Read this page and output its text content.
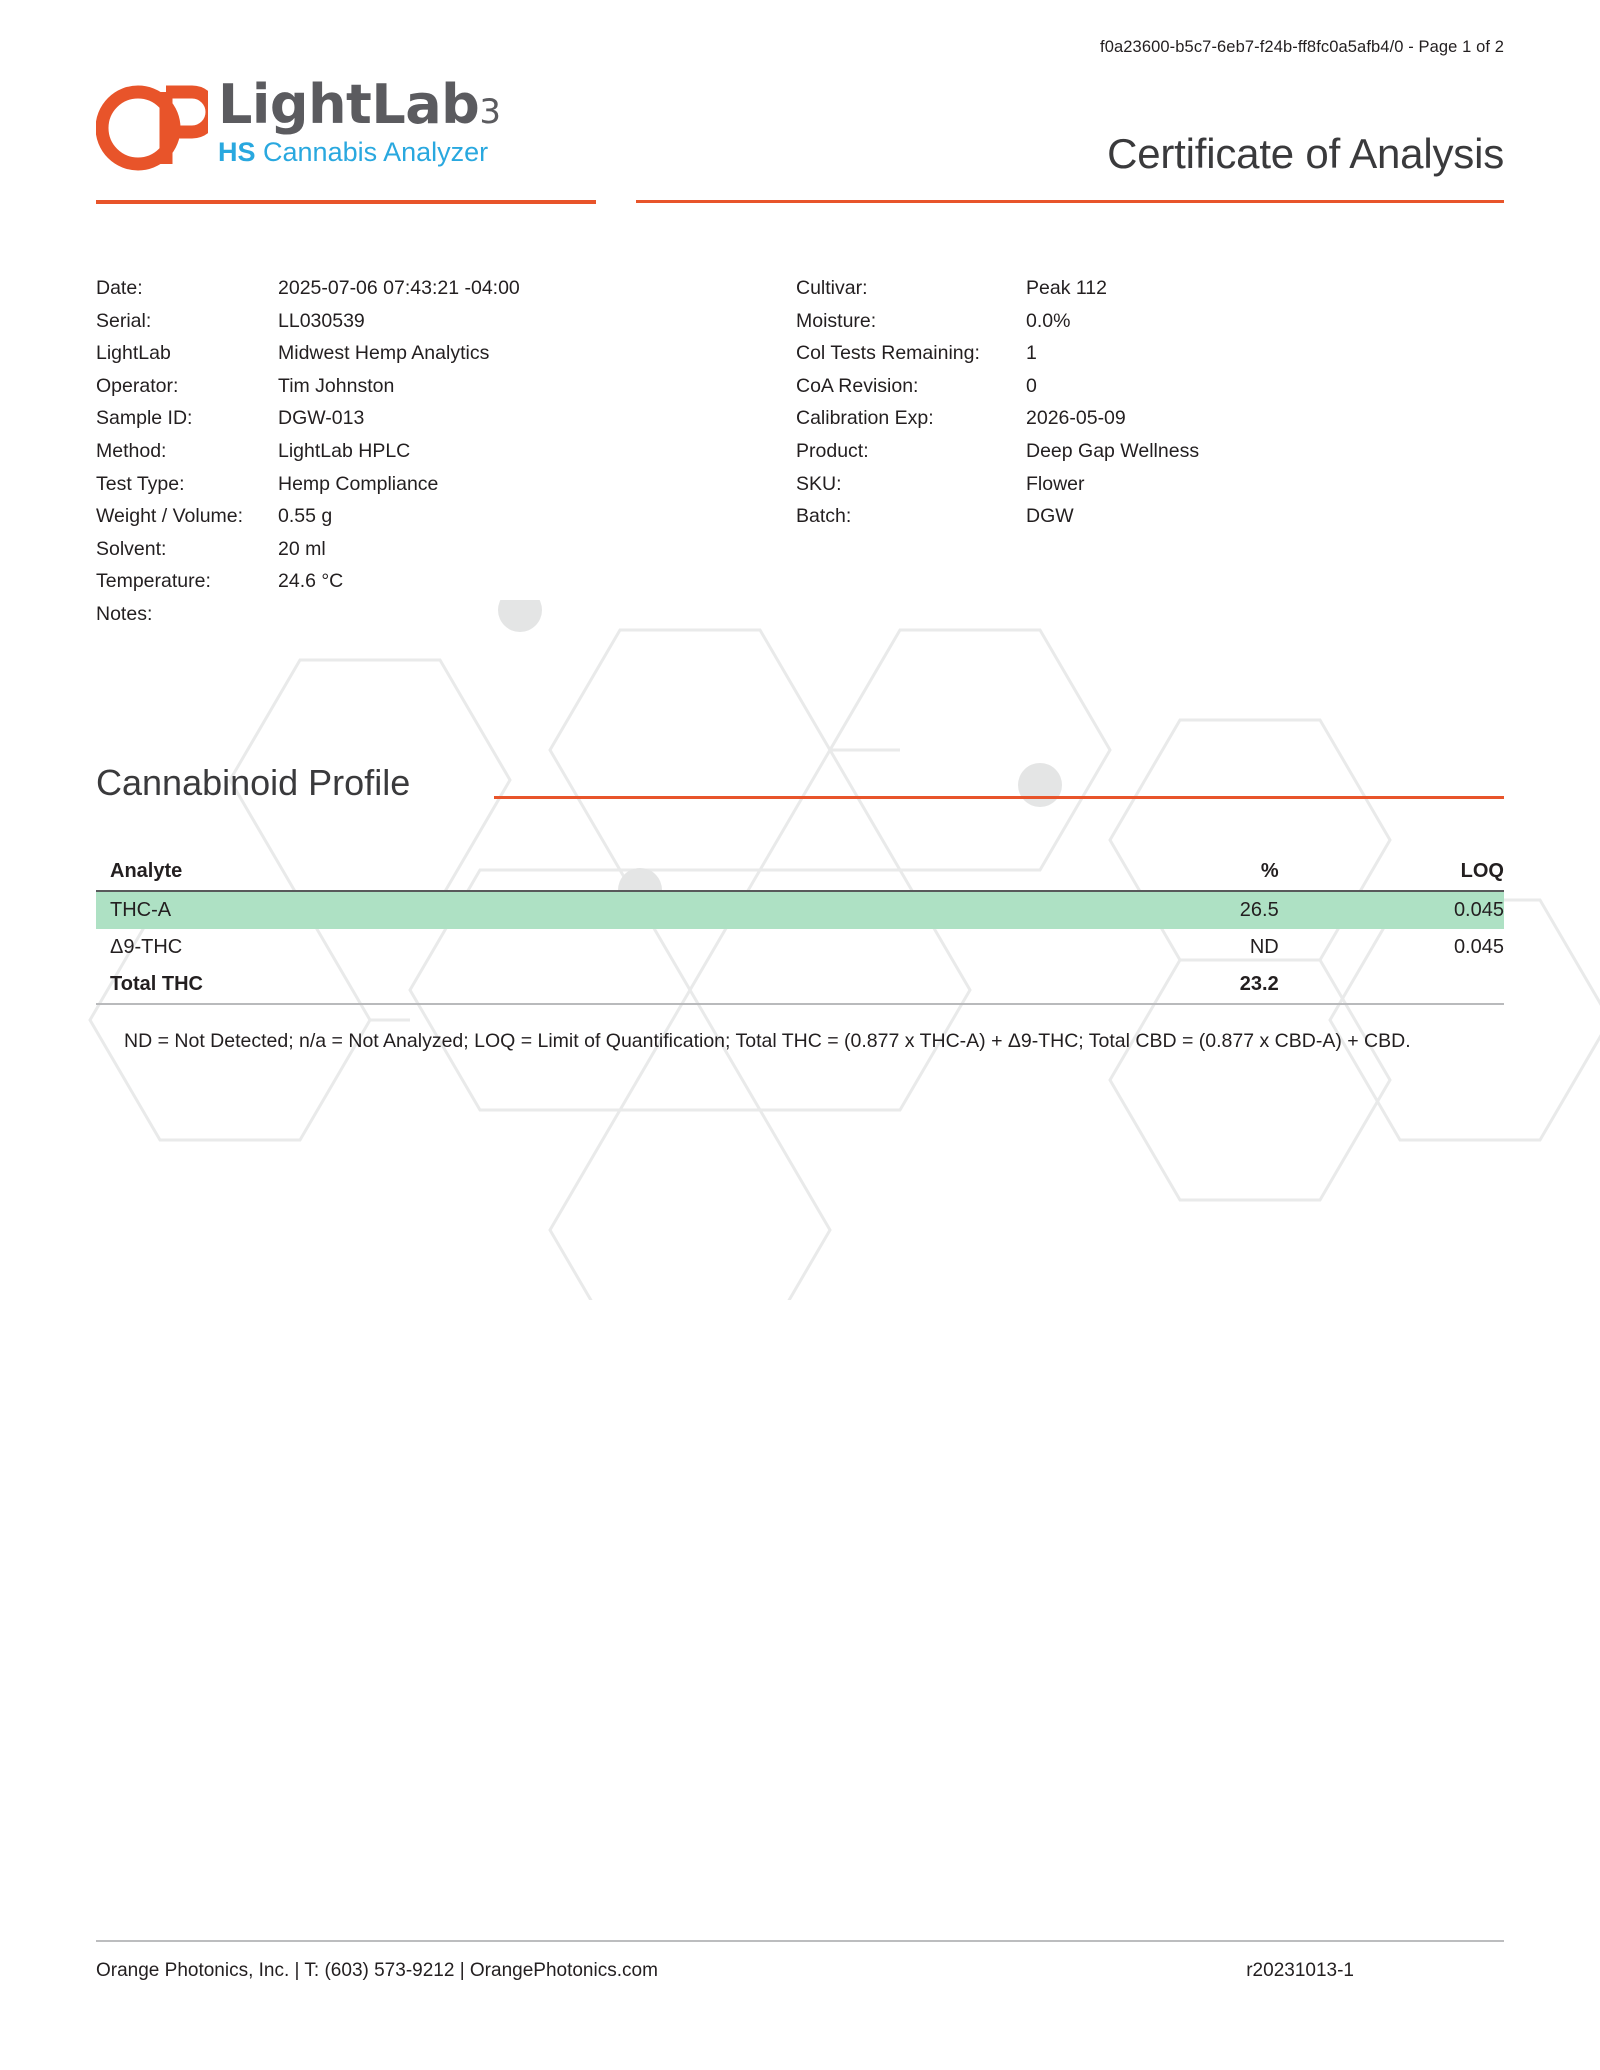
f0a23600-b5c7-6eb7-f24b-ff8fc0a5afb4/0 - Page 1 of 2
LightLab3
HS Cannabis Analyzer	Certificate of Analysis
Date:	2025-07-06 07:43:21 -04:00
Serial:	LL030539
LightLab	Midwest Hemp Analytics
Operator:	Tim Johnston
Sample ID:	DGW-013
Method:	LightLab HPLC
Test Type:	Hemp Compliance
Weight / Volume:	0.55 g
Solvent:	20 ml
Temperature:	24.6 °C
Notes:
Cultivar:	Peak 112
Moisture:	0.0%
Col Tests Remaining:	1
CoA Revision:	0
Calibration Exp:	2026-05-09
Product:	Deep Gap Wellness
SKU:	Flower
Batch:	DGW
Cannabinoid Profile
Analyte	%	LOQ
THC-A	26.5	0.045
Δ9-THC	ND	0.045
Total THC	23.2	
ND = Not Detected; n/a = Not Analyzed; LOQ = Limit of Quantification; Total THC = (0.877 x THC-A) + Δ9-THC; Total CBD = (0.877 x CBD-A) + CBD.
Orange Photonics, Inc. | T: (603) 573-9212 | OrangePhotonics.com	r20231013-1
